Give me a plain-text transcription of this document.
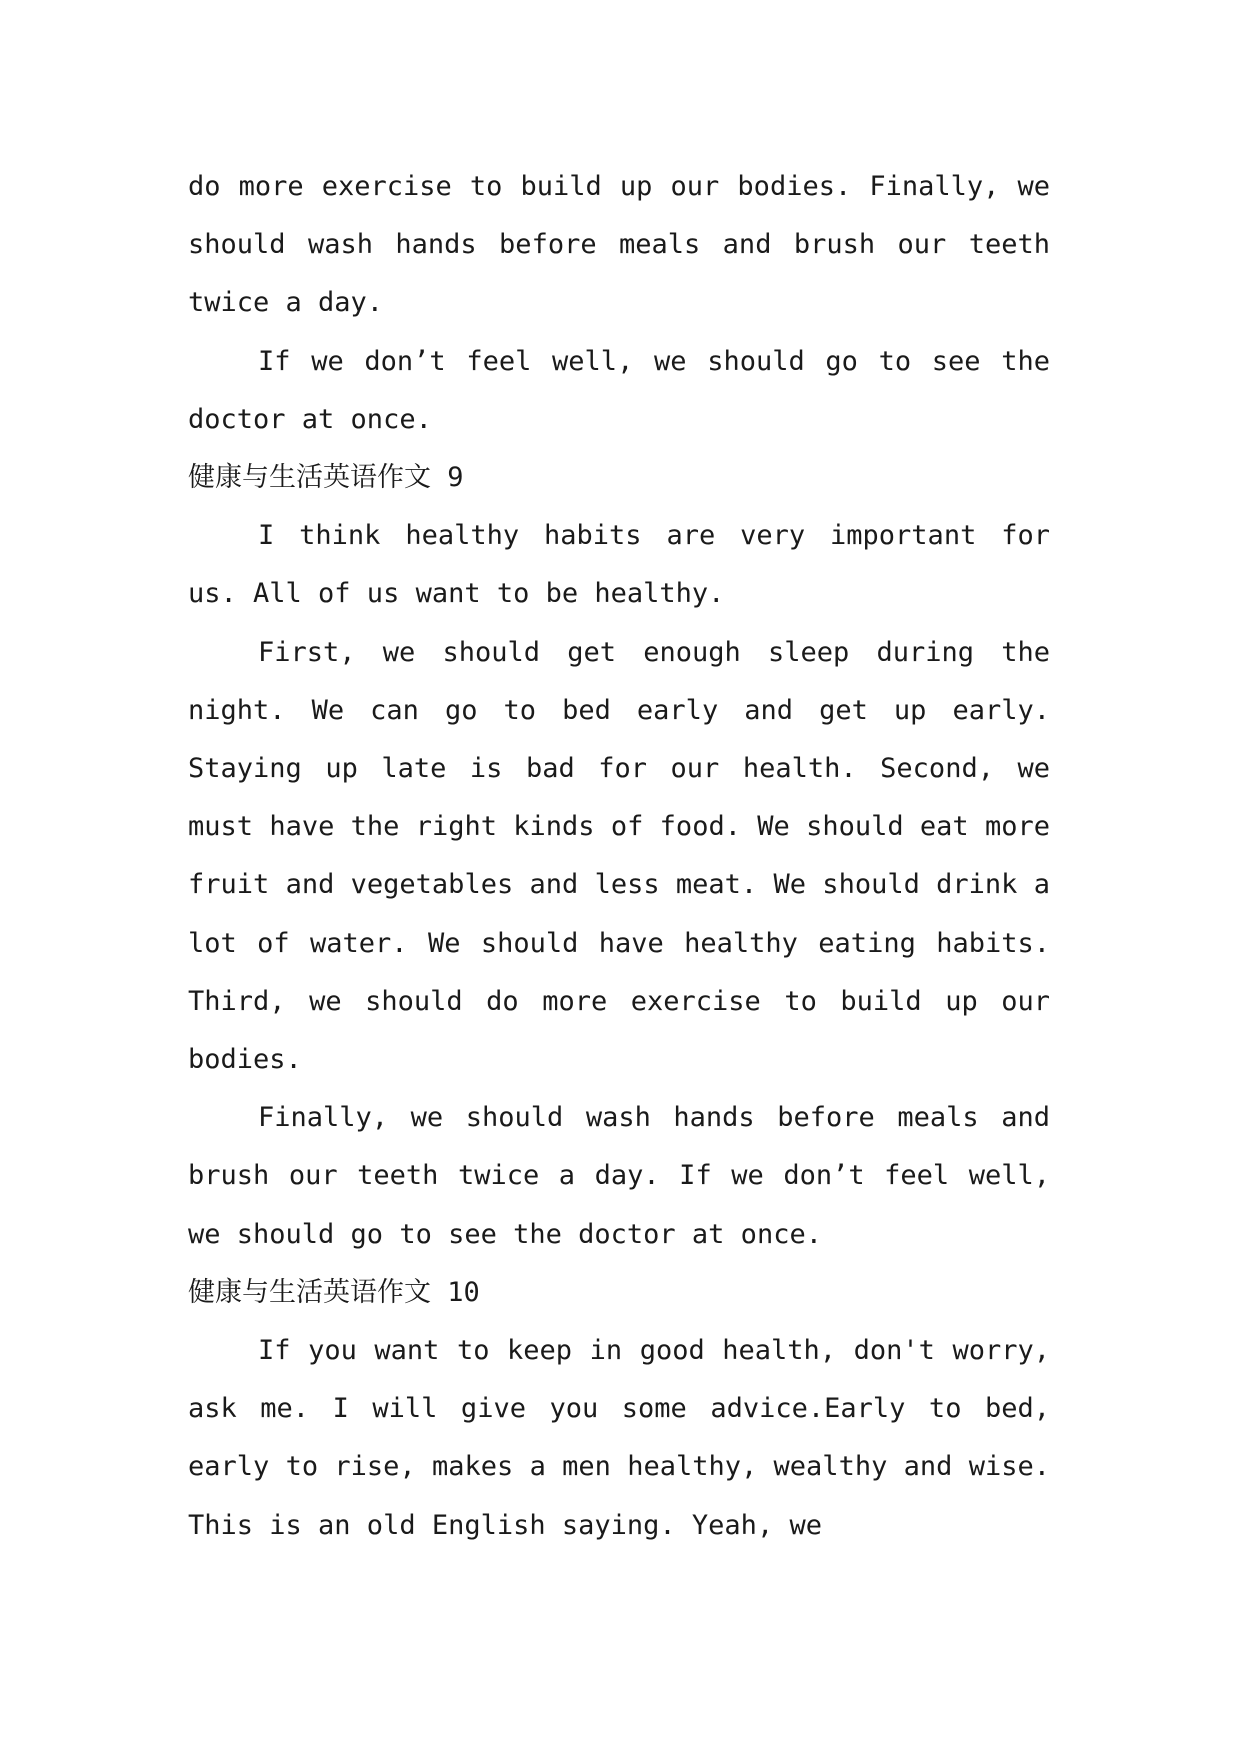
do more exercise to build up our bodies. Finally, we should wash hands before meals and brush our teeth twice a day.

If we don’t feel well, we should go to see the doctor at once.

健康与生活英语作文 9

I think healthy habits are very important for us. All of us want to be healthy.

First, we should get enough sleep during the night. We can go to bed early and get up early. Staying up late is bad for our health. Second, we must have the right kinds of food. We should eat more fruit and vegetables and less meat. We should drink a lot of water. We should have healthy eating habits. Third, we should do more exercise to build up our bodies.

Finally, we should wash hands before meals and brush our teeth twice a day. If we don’t feel well, we should go to see the doctor at once.

健康与生活英语作文 10

If you want to keep in good health, don't worry, ask me. I will give you some advice.Early to bed, early to rise, makes a men healthy, wealthy and wise. This is an old English saying. Yeah, we
